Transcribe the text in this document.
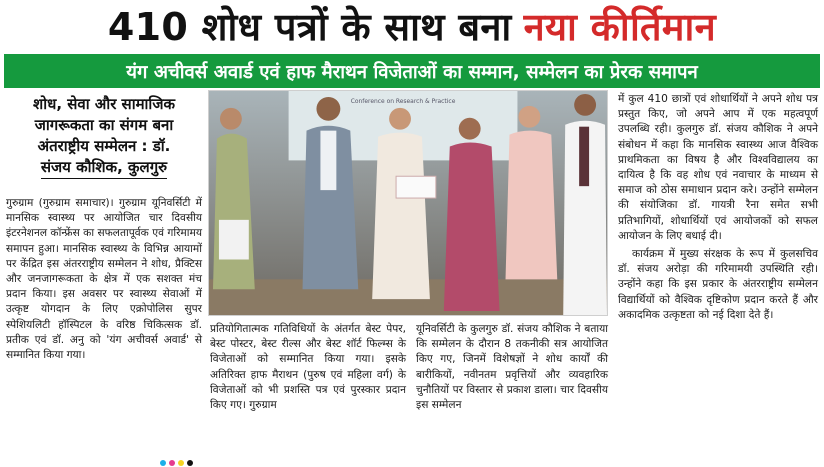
410 शोध पत्रों के साथ बना नया कीर्तिमान
यंग अचीवर्स अवार्ड एवं हाफ मैराथन विजेताओं का सम्मान, सम्मेलन का प्रेरक समापन
शोध, सेवा और सामाजिक
जागरूकता का संगम बना
अंतराष्ट्रीय सम्मेलन : डॉ.
संजय कौशिक, कुलगुरु

गुरुग्राम (गुरुग्राम समाचार)। गुरुग्राम यूनिवर्सिटी में मानसिक स्वास्थ्य पर आयोजित चार दिवसीय इंटरनेशनल कॉन्फ्रेंस का सफलतापूर्वक एवं गरिमामय समापन हुआ। मानसिक स्वास्थ्य के विभिन्न आयामों पर केंद्रित इस अंतरराष्ट्रीय सम्मेलन ने शोध, प्रैक्टिस और जनजागरूकता के क्षेत्र में एक सशक्त मंच प्रदान किया। इस अवसर पर स्वास्थ्य सेवाओं में उत्कृष्ट योगदान के लिए एक्रोपोलिस सुपर स्पेशियलिटी हॉस्पिटल के वरिष्ठ चिकित्सक डॉ. प्रतीक एवं डॉ. अनु को 'यंग अचीवर्स अवार्ड' से सम्मानित किया गया।

Conference on Research & Practice

प्रतियोगितात्मक गतिविधियों के अंतर्गत बेस्ट पेपर, बेस्ट पोस्टर, बेस्ट रील्स और बेस्ट शॉर्ट फिल्म्स के विजेताओं को सम्मानित किया गया। इसके अतिरिक्त हाफ मैराथन (पुरुष एवं महिला वर्ग) के विजेताओं को भी प्रशस्ति पत्र एवं पुरस्कार प्रदान किए गए। गुरुग्राम

यूनिवर्सिटी के कुलगुरु डॉ. संजय कौशिक ने बताया कि सम्मेलन के दौरान 8 तकनीकी सत्र आयोजित किए गए, जिनमें विशेषज्ञों ने शोध कार्यों की बारीकियों, नवीनतम प्रवृत्तियों और व्यवहारिक चुनौतियों पर विस्तार से प्रकाश डाला। चार दिवसीय इस सम्मेलन

में कुल 410 छात्रों एवं शोधार्थियों ने अपने शोध पत्र प्रस्तुत किए, जो अपने आप में एक महत्वपूर्ण उपलब्धि रही। कुलगुरु डॉ. संजय कौशिक ने अपने संबोधन में कहा कि मानसिक स्वास्थ्य आज वैश्विक प्राथमिकता का विषय है और विश्वविद्यालय का दायित्व है कि वह शोध एवं नवाचार के माध्यम से समाज को ठोस समाधान प्रदान करे। उन्होंने सम्मेलन की संयोजिका डॉ. गायत्री रैना समेत सभी प्रतिभागियों, शोधार्थियों एवं आयोजकों को सफल आयोजन के लिए बधाई दी।

कार्यक्रम में मुख्य संरक्षक के रूप में कुलसचिव डॉ. संजय अरोड़ा की गरिमामयी उपस्थिति रही। उन्होंने कहा कि इस प्रकार के अंतरराष्ट्रीय सम्मेलन विद्यार्थियों को वैश्विक दृष्टिकोण प्रदान करते हैं और अकादमिक उत्कृष्टता को नई दिशा देते हैं।
